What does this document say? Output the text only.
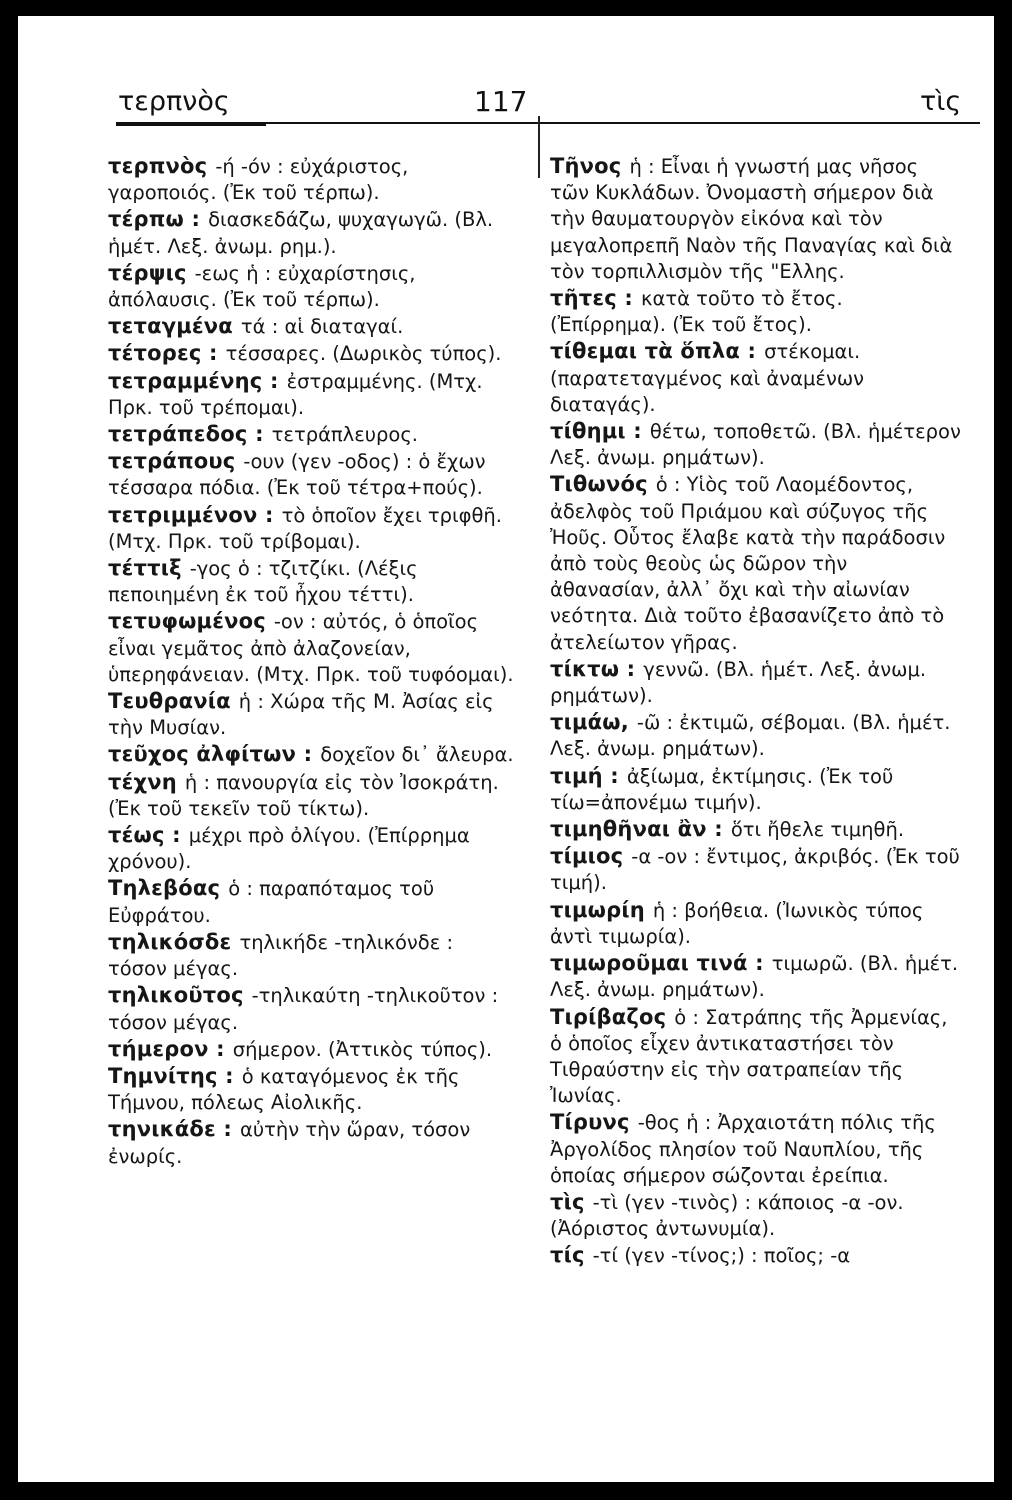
τερπνὸς	117	τὶς

τερπνὸς -ή -όν : εὐχάριστος, γαροποιός. (Ἐκ τοῦ τέρπω).

τέρπω : διασκεδάζω, ψυχαγωγῶ. (Βλ. ἡμέτ. Λεξ. ἀνωμ. ρημ.).

τέρψις -εως ἡ : εὐχαρίστησις, ἀπόλαυσις. (Ἐκ τοῦ τέρπω).

τεταγμένα τά : αἱ διαταγαί.

τέτορες : τέσσαρες. (Δωρικὸς τύπος).

τετραμμένης : ἐστραμμένης. (Μτχ. Πρκ. τοῦ τρέπομαι).

τετράπεδος : τετράπλευρος.

τετράπους -ουν (γεν -οδος) : ὁ ἔχων τέσσαρα πόδια. (Ἐκ τοῦ τέτρα+πούς).

τετριμμένον : τὸ ὁποῖον ἔχει τριφθῆ. (Μτχ. Πρκ. τοῦ τρίβομαι).

τέττιξ -γος ὁ : τζιτζίκι. (Λέξις πεποιημένη ἐκ τοῦ ἦχου τέττι).

τετυφωμένος -ον : αὐτός, ὁ ὁποῖος εἶναι γεμᾶτος ἀπὸ ἀλαζονείαν, ὑπερηφάνειαν. (Μτχ. Πρκ. τοῦ τυφόομαι).

Τευθρανία ἡ : Χώρα τῆς Μ. Ἀσίας εἰς τὴν Μυσίαν.

τεῦχος ἀλφίτων : δοχεῖον δι᾿ ἄλευρα.

τέχνη ἡ : πανουργία εἰς τὸν Ἰσοκράτη. (Ἐκ τοῦ τεκεῖν τοῦ τίκτω).

τέως : μέχρι πρὸ ὀλίγου. (Ἐπίρρημα χρόνου).

Τηλεβόας ὁ : παραπόταμος τοῦ Εὐφράτου.

τηλικόσδε τηλικήδε -τηλικόνδε : τόσον μέγας.

τηλικοῦτος -τηλικαύτη -τηλικοῦτον : τόσον μέγας.

τήμερον : σήμερον. (Ἀττικὸς τύπος).

Τημνίτης : ὁ καταγόμενος ἐκ τῆς Τήμνου, πόλεως Αἰολικῆς.

τηνικάδε : αὐτὴν τὴν ὥραν, τόσον ἐνωρίς.

Τῆνος ἡ : Εἶναι ἡ γνωστή μας νῆσος τῶν Κυκλάδων. Ὀνομαστὴ σήμερον διὰ τὴν θαυματουργὸν εἰκόνα καὶ τὸν μεγαλοπρεπῆ Ναὸν τῆς Παναγίας καὶ διὰ τὸν τορπιλλισμὸν τῆς "Ελλης.

τῆτες : κατὰ τοῦτο τὸ ἔτος. (Ἐπίρρημα). (Ἐκ τοῦ ἔτος).

τίθεμαι τὰ ὅπλα : στέκομαι. (παρατεταγμένος καὶ ἀναμένων διαταγάς).

τίθημι : θέτω, τοποθετῶ. (Βλ. ἡμέτερον Λεξ. ἀνωμ. ρημάτων).

Τιθωνός ὁ : Υἱὸς τοῦ Λαομέδοντος, ἀδελφὸς τοῦ Πριάμου καὶ σύζυγος τῆς Ἠοῦς. Οὗτος ἔλαβε κατὰ τὴν παράδοσιν ἀπὸ τοὺς θεοὺς ὡς δῶρον τὴν ἀθανασίαν, ἀλλ᾿ ὄχι καὶ τὴν αἰωνίαν νεότητα. Διὰ τοῦτο ἐβασανίζετο ἀπὸ τὸ ἀτελείωτον γῆρας.

τίκτω : γεννῶ. (Βλ. ἡμέτ. Λεξ. ἀνωμ. ρημάτων).

τιμάω, -ῶ : ἐκτιμῶ, σέβομαι. (Βλ. ἡμέτ. Λεξ. ἀνωμ. ρημάτων).

τιμή : ἀξίωμα, ἐκτίμησις. (Ἐκ τοῦ τίω=ἀπονέμω τιμήν).

τιμηθῆναι ἂν : ὅτι ἤθελε τιμηθῆ.

τίμιος -α -ον : ἔντιμος, ἀκριβός. (Ἐκ τοῦ τιμή).

τιμωρίη ἡ : βοήθεια. (Ἰωνικὸς τύπος ἀντὶ τιμωρία).

τιμωροῦμαι τινά : τιμωρῶ. (Βλ. ἡμέτ. Λεξ. ἀνωμ. ρημάτων).

Τιρίβαζος ὁ : Σατράπης τῆς Ἀρμενίας, ὁ ὁποῖος εἶχεν ἀντικαταστήσει τὸν Τιθραύστην εἰς τὴν σατραπείαν τῆς Ἰωνίας.

Τίρυνς -θος ἡ : Ἀρχαιοτάτη πόλις τῆς Ἀργολίδος πλησίον τοῦ Ναυπλίου, τῆς ὁποίας σήμερον σώζονται ἐρείπια.

τὶς -τὶ (γεν -τινὸς) : κάποιος -α -ον. (Ἀόριστος ἀντωνυμία).

τίς -τί (γεν -τίνος;) : ποῖος; -α
